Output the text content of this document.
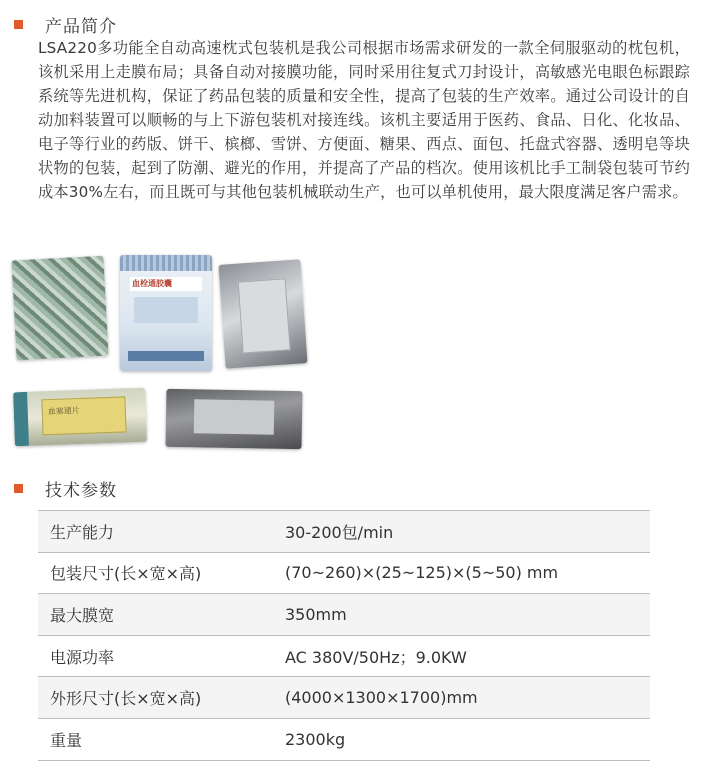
产品简介
LSA220多功能全自动高速枕式包装机是我公司根据市场需求研发的一款全伺服驱动的枕包机，该机采用上走膜布局；具备自动对接膜功能，同时采用往复式刀封设计，高敏感光电眼色标跟踪系统等先进机构，保证了药品包装的质量和安全性，提高了包装的生产效率。通过公司设计的自动加料装置可以顺畅的与上下游包装机对接连线。该机主要适用于医药、食品、日化、化妆品、电子等行业的药版、饼干、槟榔、雪饼、方便面、糖果、西点、面包、托盘式容器、透明皂等块状物的包装，起到了防潮、避光的作用，并提高了产品的档次。使用该机比手工制袋包装可节约成本30%左右，而且既可与其他包装机械联动生产，也可以单机使用，最大限度满足客户需求。
血栓通胶囊
血塞通片
技术参数
生产能力	30-200包/min
包装尺寸(长×宽×高)	(70~260)×(25~125)×(5~50) mm
最大膜宽	350mm
电源功率	AC 380V/50Hz；9.0KW
外形尺寸(长×宽×高)	(4000×1300×1700)mm
重量	2300kg
